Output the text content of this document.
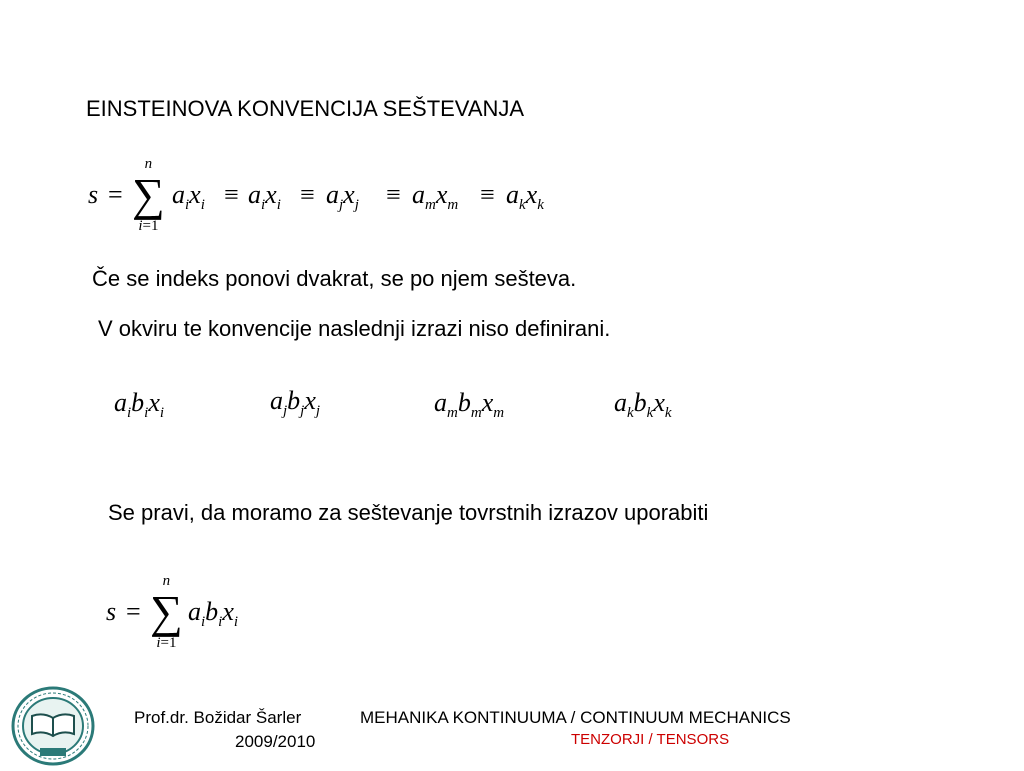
EINSTEINOVA KONVENCIJA SEŠTEVANJA
s =
n
∑
i=1
$a_ix_i \equiv a_ix_i \equiv a_jx_j \equiv a_mx_m \equiv a_kx_k$
Če se indeks ponovi dvakrat, se po njem sešteva.
V okviru te konvencije naslednji izrazi niso definirani.
$a_ib_ix_i$	$a_jb_jx_j$	$a_mb_mx_m$	$a_kb_kx_k$
Se pravi, da moramo za seštevanje tovrstnih izrazov uporabiti
s =
n
∑
i=1
$a_ib_ix_i$
Prof.dr. Božidar Šarler
2009/2010
MEHANIKA KONTINUUMA / CONTINUUM MECHANICS
TENZORJI / TENSORS
